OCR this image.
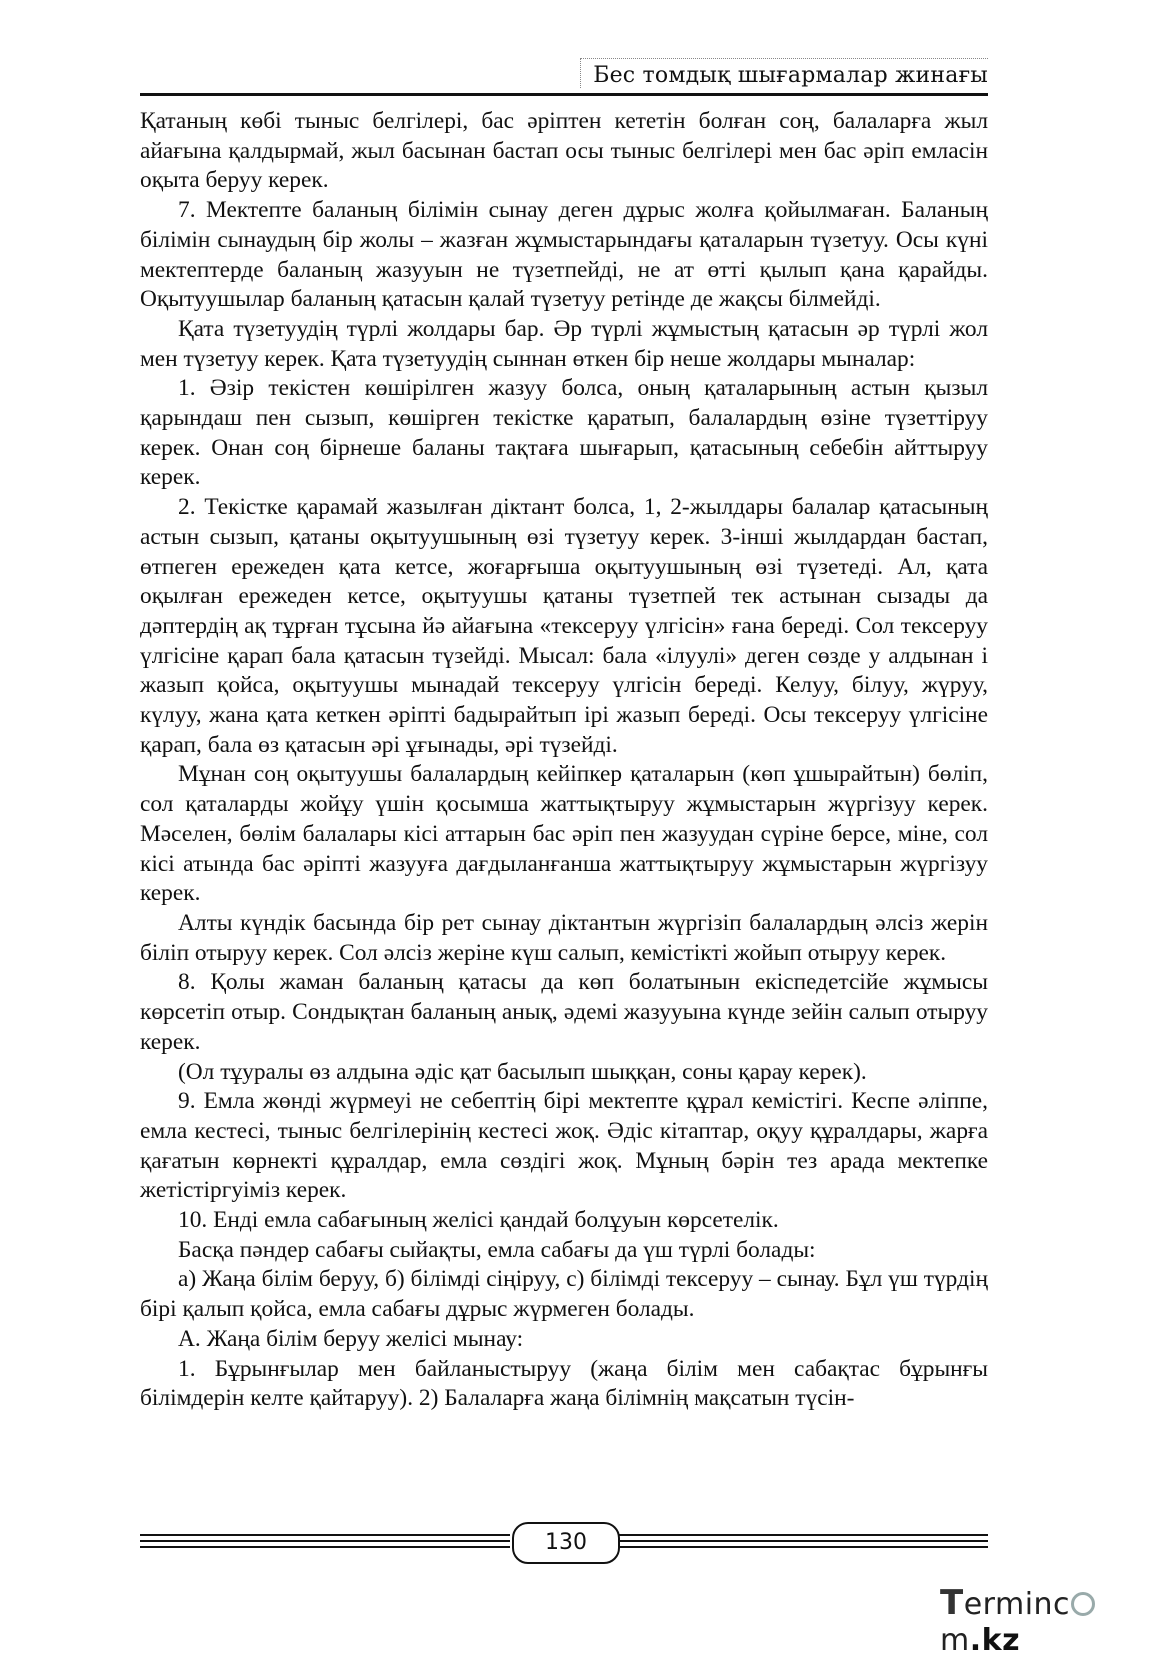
Бес томдық шығармалар жинағы

Қатаның көбі тыныс белгілері, бас әріптен кететін болған соң, балаларға жыл айағына қалдырмай, жыл басынан бастап осы тыныс белгілері мен бас әріп емласін оқыта беруу керек.

7. Мектепте баланың білімін сынау деген дұрыс жолға қойылмаған. Баланың білімін сынаудың бір жолы – жазған жұмыстарындағы қаталарын түзетуу. Осы күні мектептерде баланың жазууын не түзетпейді, не ат өтті қылып қана қарайды. Оқытуушылар баланың қатасын қалай түзетуу ретінде де жақсы білмейді.

Қата түзетуудің түрлі жолдары бар. Әр түрлі жұмыстың қатасын әр түрлі жол мен түзетуу керек. Қата түзетуудің сыннан өткен бір неше жолдары мыналар:

1. Әзір текістен көшірілген жазуу болса, оның қаталарының астын қызыл қарындаш пен сызып, көшірген текістке қаратып, балалардың өзіне түзеттіруу керек. Онан соң бірнеше баланы тақтаға шығарып, қатасының себебін айттыруу керек.

2. Текістке қарамай жазылған діктант болса, 1, 2-жылдары балалар қатасының астын сызып, қатаны оқытуушының өзі түзетуу керек. 3-інші жылдардан бастап, өтпеген ережеден қата кетсе, жоғарғыша оқытуушының өзі түзетеді. Ал, қата оқылған ережеден кетсе, оқытуушы қатаны түзетпей тек астынан сызады да дәптердің ақ тұрған тұсына йә айағына «тексеруу үлгісін» ғана береді. Сол тексеруу үлгісіне қарап бала қатасын түзейді. Мысал: бала «ілуулі» деген сөзде у алдынан і жазып қойса, оқытуушы мынадай тексеруу үлгісін береді. Келуу, білуу, жүруу, күлуу, жана қата кеткен әріпті бадырайтып ірі жазып береді. Осы тексеруу үлгісіне қарап, бала өз қатасын әрі ұғынады, әрі түзейді.

Мұнан соң оқытуушы балалардың кейіпкер қаталарын (көп ұшырайтын) бөліп, сол қаталарды жойұу үшін қосымша жаттықтыруу жұмыстарын жүргізуу керек. Мәселен, бөлім балалары кісі аттарын бас әріп пен жазуудан сүріне берсе, міне, сол кісі атында бас әріпті жазууға дағдыланғанша жаттықтыруу жұмыстарын жүргізуу керек.

Алты күндік басында бір рет сынау діктантын жүргізіп балалардың әлсіз жерін біліп отыруу керек. Сол әлсіз жеріне күш салып, кемістікті жойып отыруу керек.

8. Қолы жаман баланың қатасы да көп болатынын екіспедетсійе жұмысы көрсетіп отыр. Сондықтан баланың анық, әдемі жазууына күнде зейін салып отыруу керек.

(Ол тұуралы өз алдына әдіс қат басылып шыққан, соны қарау керек).

9. Емла жөнді жүрмеуі не себептің бірі мектепте құрал кемістігі. Кеспе әліппе, емла кестесі, тыныс белгілерінің кестесі жоқ. Әдіс кітаптар, оқуу құралдары, жарға қағатын көрнекті құралдар, емла сөздігі жоқ. Мұның бәрін тез арада мектепке жетістіргуіміз керек.

10. Енді емла сабағының желісі қандай болұуын көрсетелік.

Басқа пәндер сабағы сыйақты, емла сабағы да үш түрлі болады:

а) Жаңа білім беруу, б) білімді сіңіруу, с) білімді тексеруу – сынау. Бұл үш түрдің бірі қалып қойса, емла сабағы дұрыс жүрмеген болады.

А. Жаңа білім беруу желісі мынау:

1. Бұрынғылар мен байланыстыруу (жаңа білім мен сабақтас бұрынғы білімдерін келте қайтаруу). 2) Балаларға жаңа білімнің мақсатын түсін-

130
Termincm.kz
